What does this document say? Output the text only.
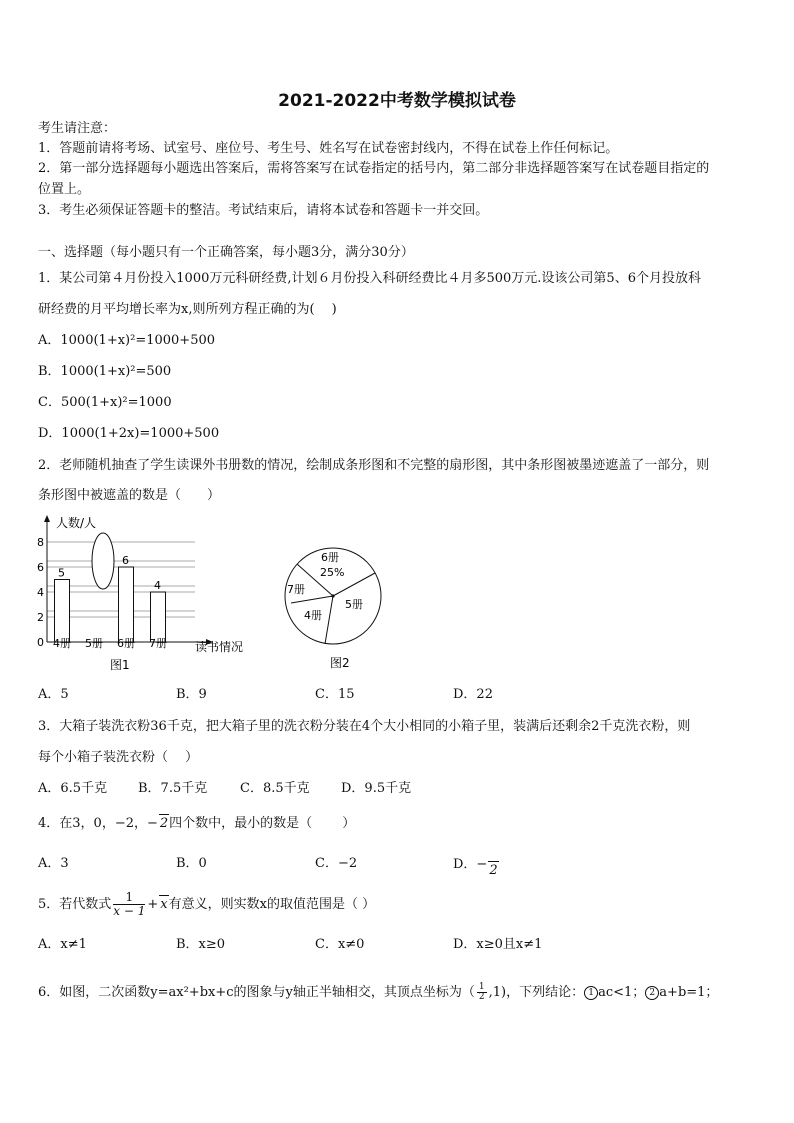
2021-2022中考数学模拟试卷
考生请注意：
1．答题前请将考场、试室号、座位号、考生号、姓名写在试卷密封线内，不得在试卷上作任何标记。
2．第一部分选择题每小题选出答案后，需将答案写在试卷指定的括号内，第二部分非选择题答案写在试卷题目指定的
位置上。
3．考生必须保证答题卡的整洁。考试结束后，请将本试卷和答题卡一并交回。
一、选择题（每小题只有一个正确答案，每小题3分，满分30分）
1．某公司第４月份投入1000万元科研经费,计划６月份投入科研经费比４月多500万元.设该公司第5、6个月投放科
研经费的月平均增长率为x,则所列方程正确的为(　 )
A．1000(1+x)²=1000+500
B．1000(1+x)²=500
C．500(1+x)²=1000
D．1000(1+2x)=1000+500
2．老师随机抽查了学生读课外书册数的情况，绘制成条形图和不完整的扇形图，其中条形图被墨迹遮盖了一部分，则
条形图中被遮盖的数是（　　）
人数/人
读书情况
0
2
4
6
8
5
4册 5册
6
6册
4
7册
图1
6册
25%
5册
4册
7册
图2
A．5	B．9	C．15	D．22
3．大箱子装洗衣粉36千克，把大箱子里的洗衣粉分装在4个大小相同的小箱子里，装满后还剩余2千克洗衣粉，则
每个小箱子装洗衣粉（　 ）
A．6.5千克 B．7.5千克	C．8.5千克 D．9.5千克
4．在3，0，−2，− 2四个数中，最小的数是（　　 ）
A．3	B．0	C．−2	D．− 2
5．若代数式 $\frac{1}{x - 1} + x$有意义，则实数x的取值范围是（ ）
A．x≠1	B．x≥0	C．x≠0	D．x≥0且x≠1
6．如图，二次函数y=ax²+bx+c的图象与y轴正半轴相交，其顶点坐标为（ $\frac{1}{2} ,1$)，下列结论： 1 ac<1； 2 a+b=1；
